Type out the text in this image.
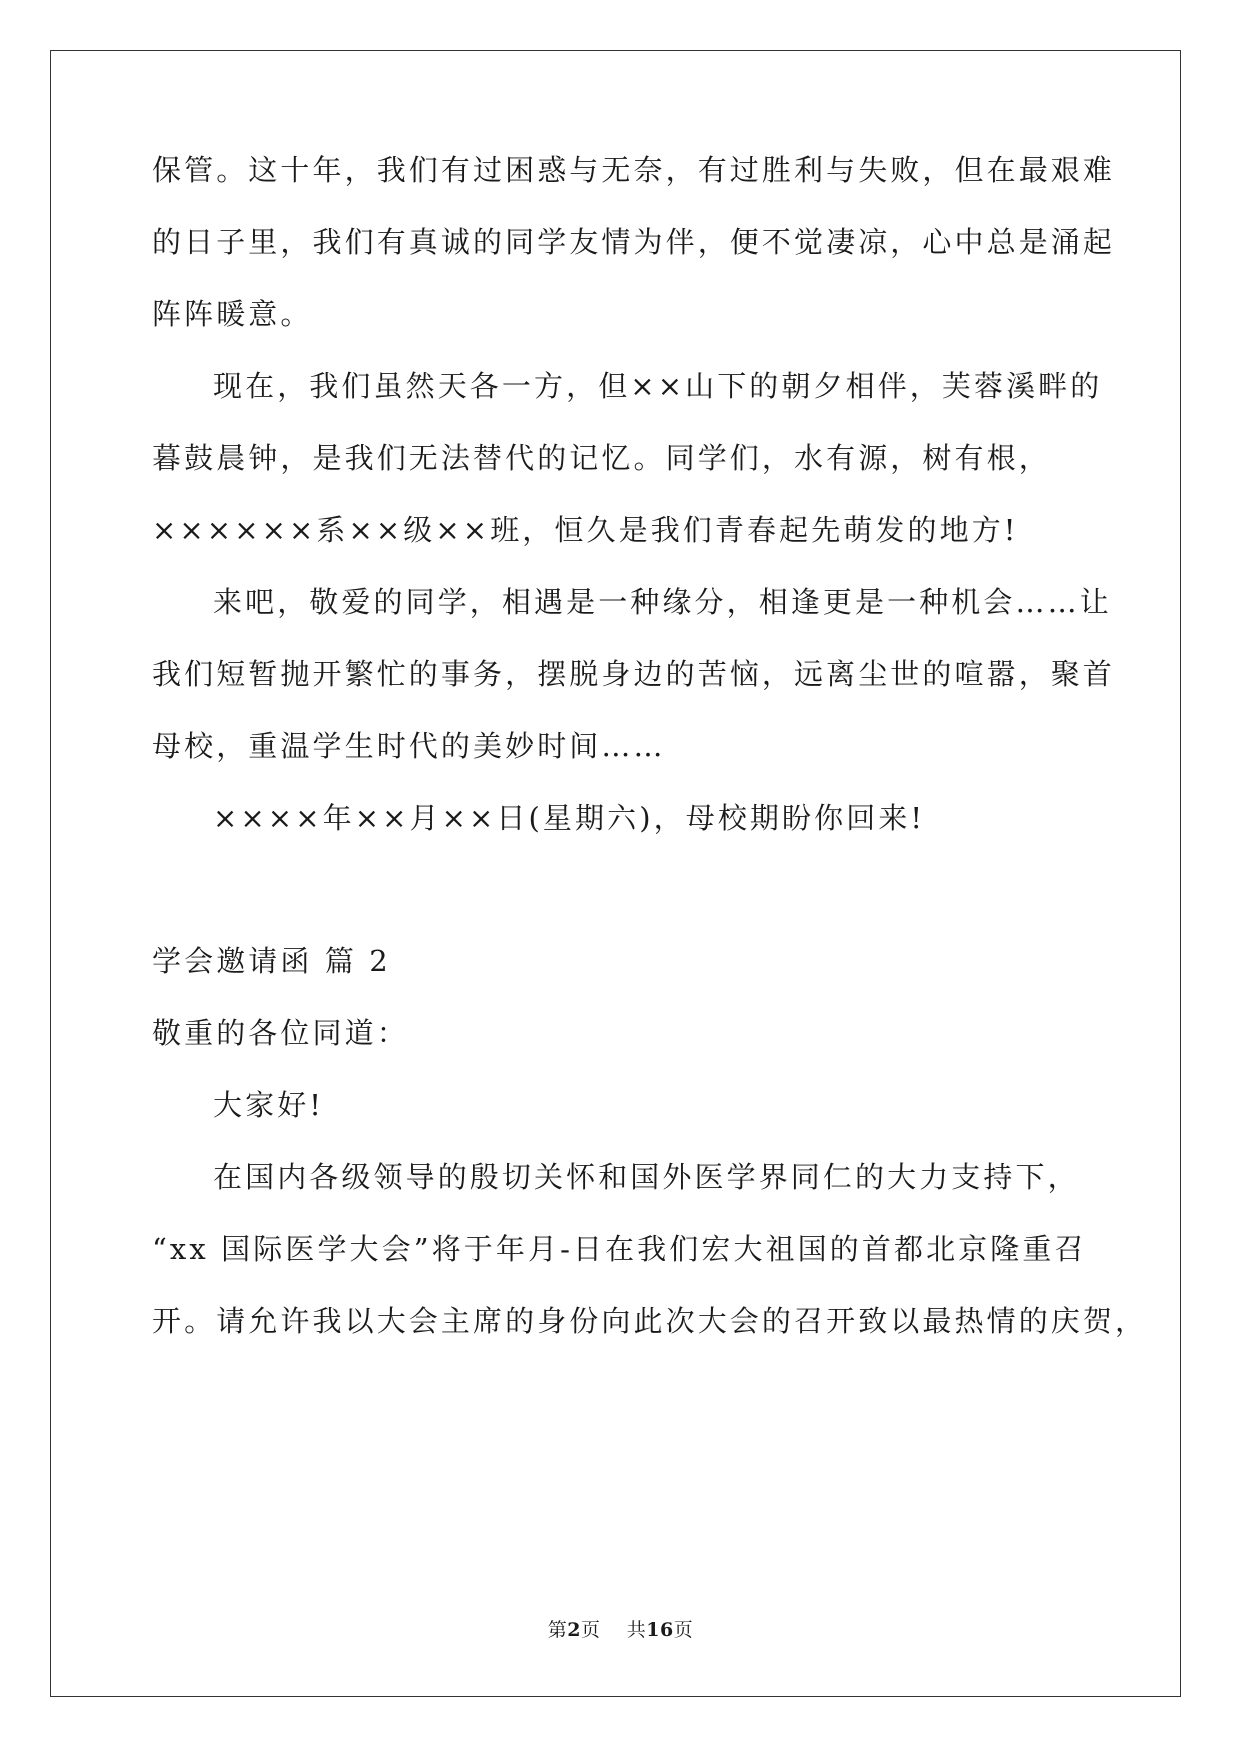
保管。这十年，我们有过困惑与无奈，有过胜利与失败，但在最艰难
的日子里，我们有真诚的同学友情为伴，便不觉凄凉，心中总是涌起
阵阵暖意。
现在，我们虽然天各一方，但××山下的朝夕相伴，芙蓉溪畔的
暮鼓晨钟，是我们无法替代的记忆。同学们，水有源，树有根，
××××××系××级××班，恒久是我们青春起先萌发的地方!
来吧，敬爱的同学，相遇是一种缘分，相逢更是一种机会……让
我们短暂抛开繁忙的事务，摆脱身边的苦恼，远离尘世的喧嚣，聚首
母校，重温学生时代的美妙时间……
××××年××月××日(星期六)，母校期盼你回来!
学会邀请函 篇 2
敬重的各位同道：
大家好!
在国内各级领导的殷切关怀和国外医学界同仁的大力支持下，
“xx 国际医学大会”将于年月-日在我们宏大祖国的首都北京隆重召
开。请允许我以大会主席的身份向此次大会的召开致以最热情的庆贺，
第2页 共16页
